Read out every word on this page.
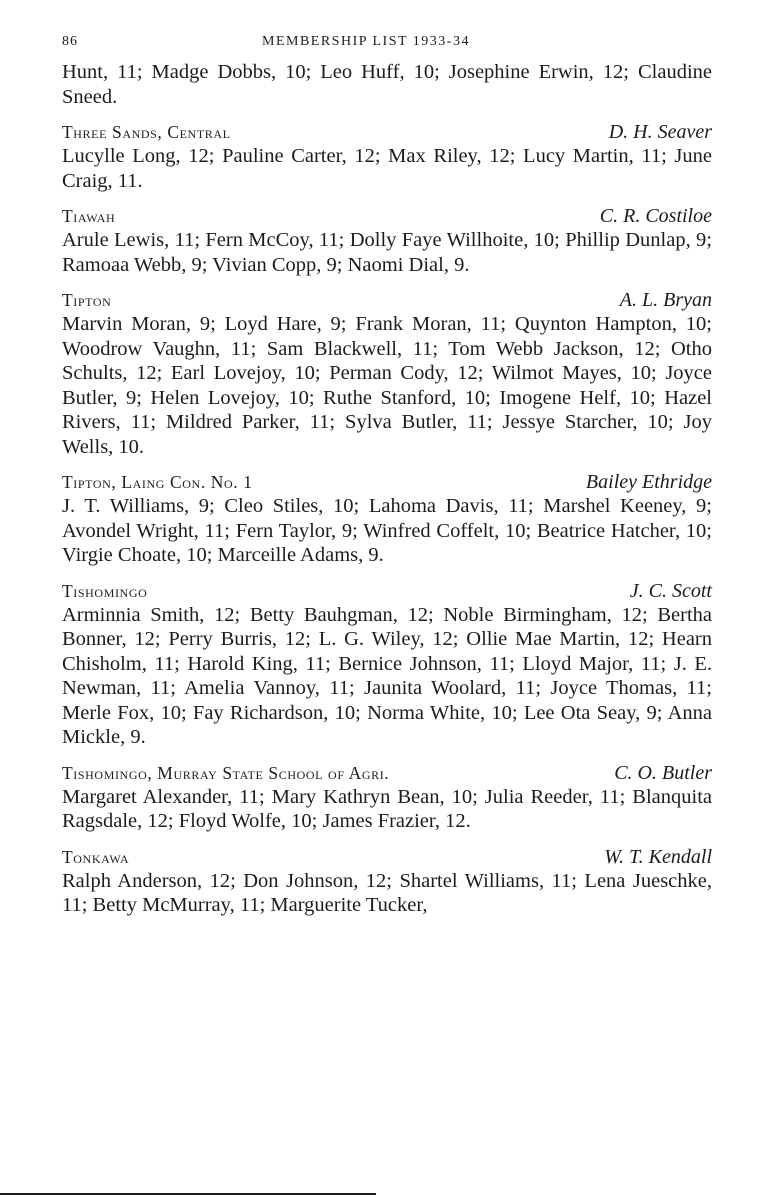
86	MEMBERSHIP LIST 1933-34

Hunt, 11; Madge Dobbs, 10; Leo Huff, 10; Josephine Erwin, 12; Claudine Sneed.

Three Sands, Central	D. H. Seaver

Lucylle Long, 12; Pauline Carter, 12; Max Riley, 12; Lucy Martin, 11; June Craig, 11.

Tiawah	C. R. Costiloe

Arule Lewis, 11; Fern McCoy, 11; Dolly Faye Willhoite, 10; Phillip Dunlap, 9; Ramoaa Webb, 9; Vivian Copp, 9; Naomi Dial, 9.

Tipton	A. L. Bryan

Marvin Moran, 9; Loyd Hare, 9; Frank Moran, 11; Quynton Hampton, 10; Woodrow Vaughn, 11; Sam Blackwell, 11; Tom Webb Jackson, 12; Otho Schults, 12; Earl Lovejoy, 10; Perman Cody, 12; Wilmot Mayes, 10; Joyce Butler, 9; Helen Lovejoy, 10; Ruthe Stanford, 10; Imogene Helf, 10; Hazel Rivers, 11; Mildred Parker, 11; Sylva Butler, 11; Jessye Starcher, 10; Joy Wells, 10.

Tipton, Laing Con. No. 1	Bailey Ethridge

J. T. Williams, 9; Cleo Stiles, 10; Lahoma Davis, 11; Marshel Keeney, 9; Avondel Wright, 11; Fern Taylor, 9; Winfred Coffelt, 10; Beatrice Hatcher, 10; Virgie Choate, 10; Marceille Adams, 9.

Tishomingo	J. C. Scott

Arminnia Smith, 12; Betty Bauhgman, 12; Noble Birmingham, 12; Bertha Bonner, 12; Perry Burris, 12; L. G. Wiley, 12; Ollie Mae Martin, 12; Hearn Chisholm, 11; Harold King, 11; Bernice Johnson, 11; Lloyd Major, 11; J. E. Newman, 11; Amelia Vannoy, 11; Jaunita Woolard, 11; Joyce Thomas, 11; Merle Fox, 10; Fay Richardson, 10; Norma White, 10; Lee Ota Seay, 9; Anna Mickle, 9.

Tishomingo, Murray State School of Agri.	C. O. Butler

Margaret Alexander, 11; Mary Kathryn Bean, 10; Julia Reeder, 11; Blanquita Ragsdale, 12; Floyd Wolfe, 10; James Frazier, 12.

Tonkawa	W. T. Kendall

Ralph Anderson, 12; Don Johnson, 12; Shartel Williams, 11; Lena Jueschke, 11; Betty McMurray, 11; Marguerite Tucker,
